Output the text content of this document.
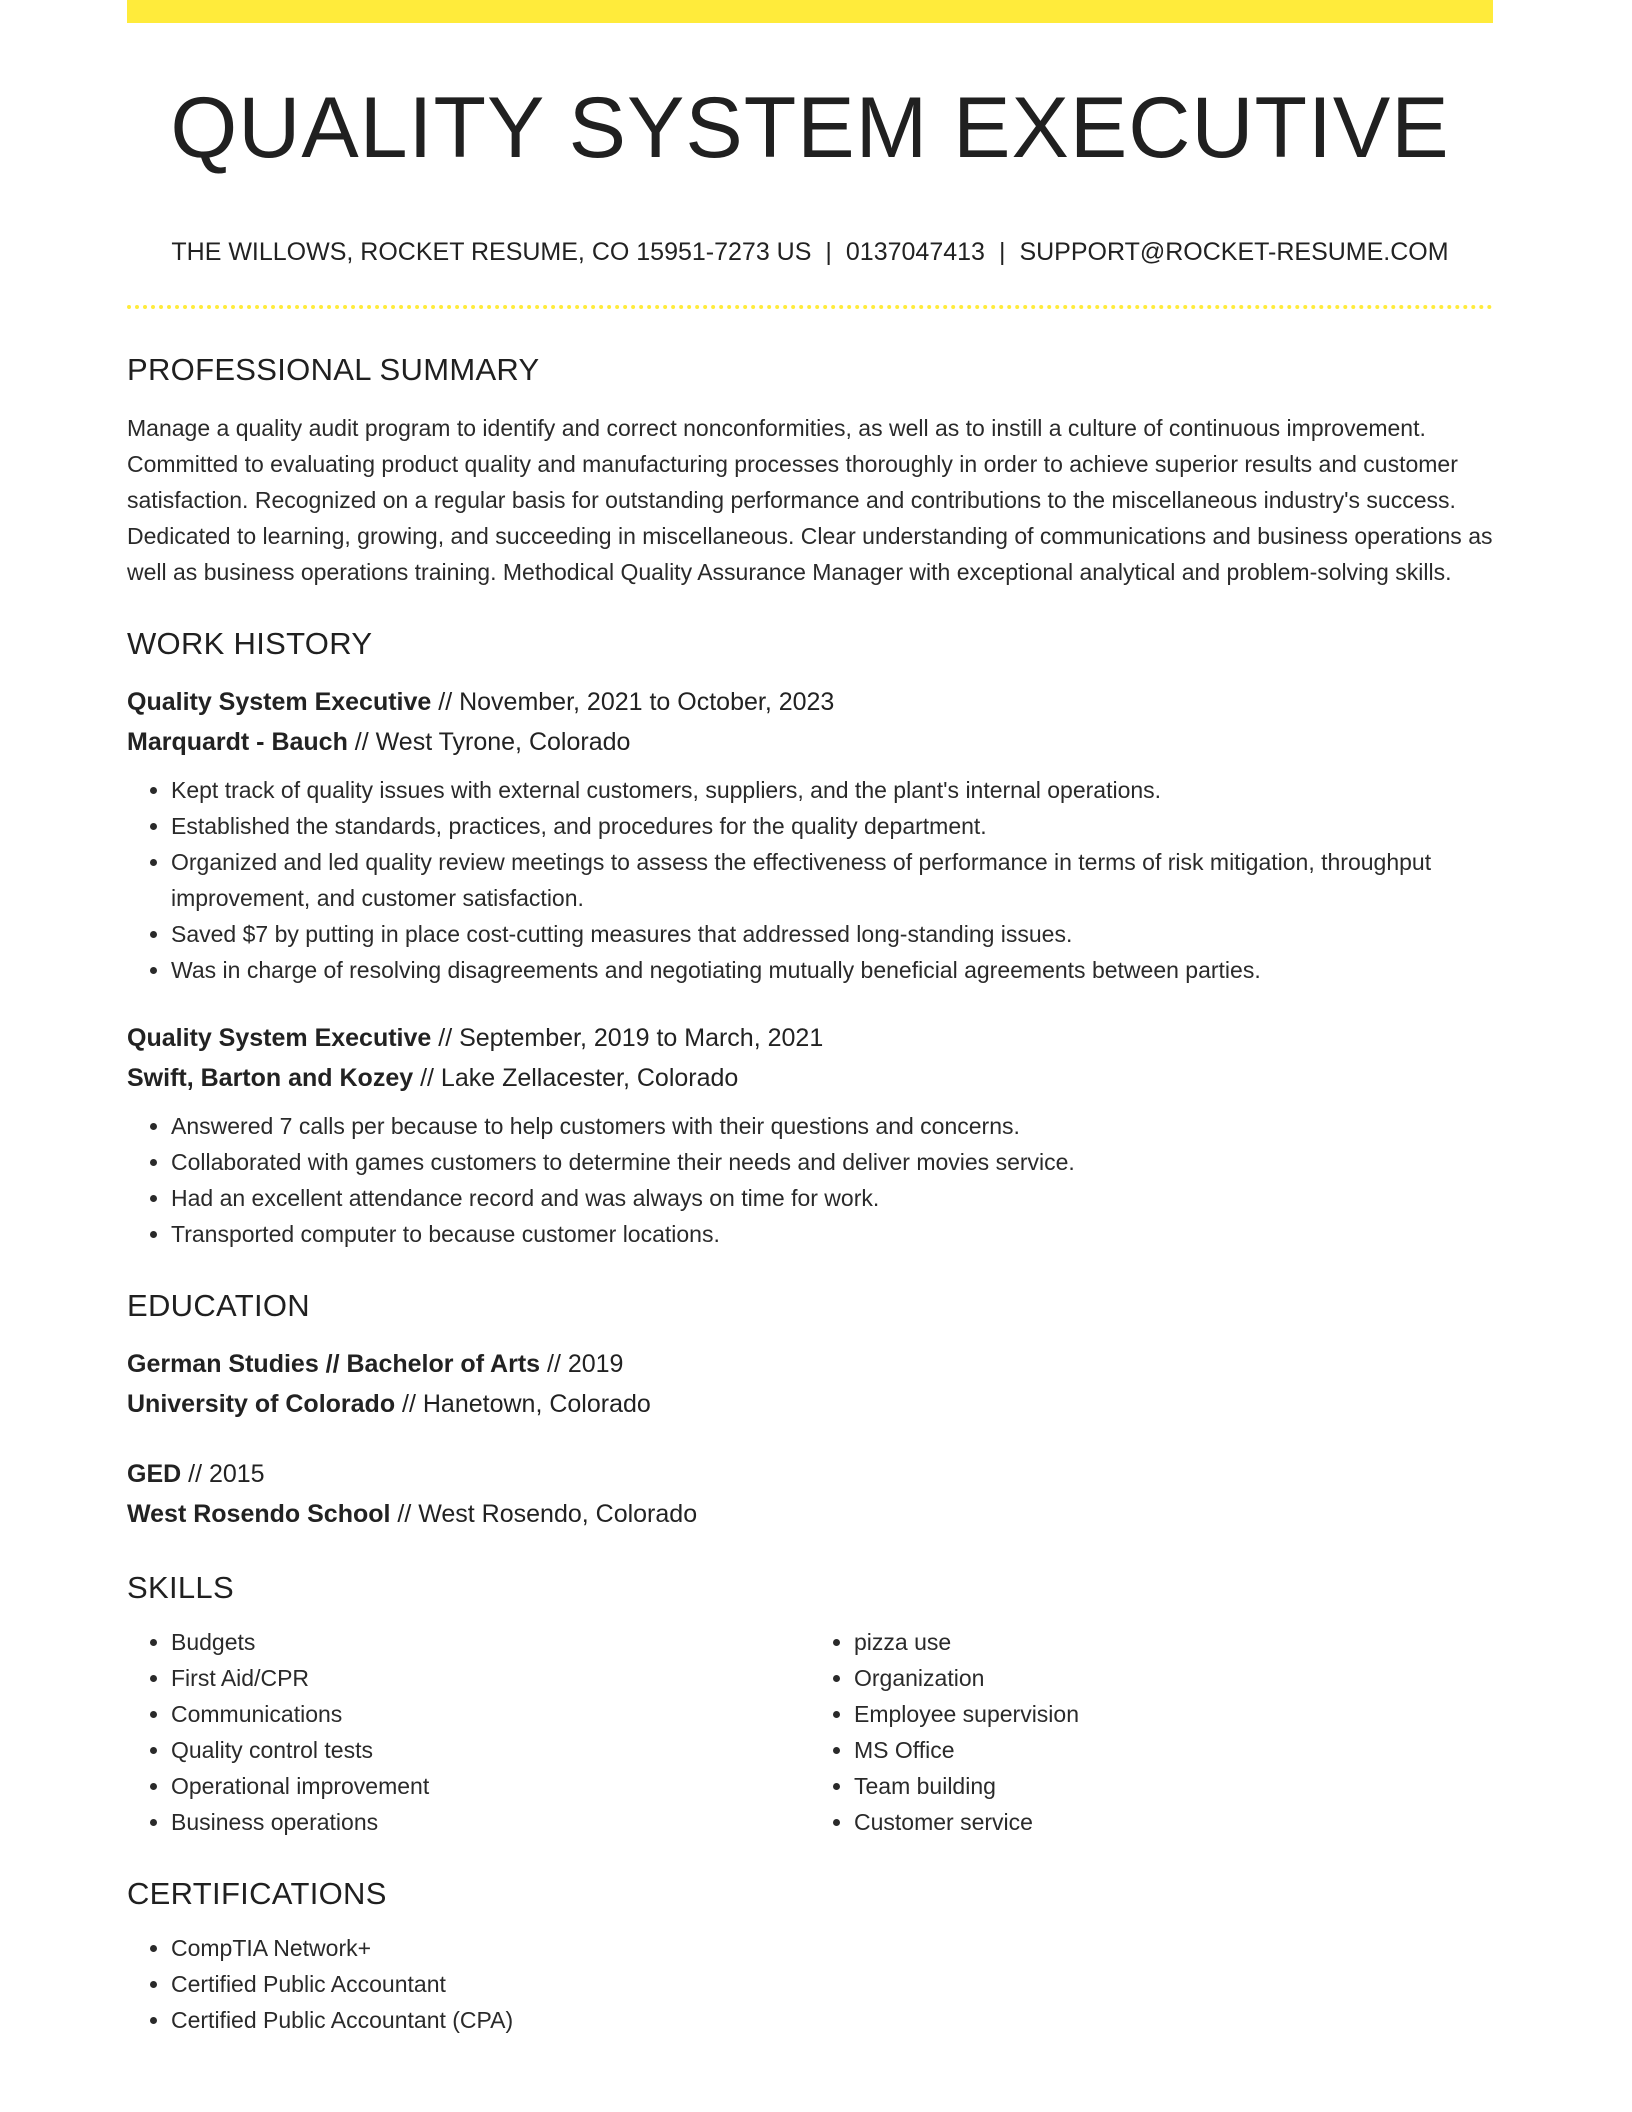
QUALITY SYSTEM EXECUTIVE
THE WILLOWS, ROCKET RESUME, CO 15951-7273 US | 0137047413 | SUPPORT@ROCKET-RESUME.COM
PROFESSIONAL SUMMARY

Manage a quality audit program to identify and correct nonconformities, as well as to instill a culture of continuous improvement. Committed to evaluating product quality and manufacturing processes thoroughly in order to achieve superior results and customer satisfaction. Recognized on a regular basis for outstanding performance and contributions to the miscellaneous industry's success. Dedicated to learning, growing, and succeeding in miscellaneous. Clear understanding of communications and business operations as well as business operations training. Methodical Quality Assurance Manager with exceptional analytical and problem-solving skills.

WORK HISTORY
Quality System Executive // November, 2021 to October, 2023
Marquardt - Bauch // West Tyrone, Colorado
• Kept track of quality issues with external customers, suppliers, and the plant's internal operations.
• Established the standards, practices, and procedures for the quality department.
• Organized and led quality review meetings to assess the effectiveness of performance in terms of risk mitigation, throughput improvement, and customer satisfaction.
• Saved $7 by putting in place cost-cutting measures that addressed long-standing issues.
• Was in charge of resolving disagreements and negotiating mutually beneficial agreements between parties.
Quality System Executive // September, 2019 to March, 2021
Swift, Barton and Kozey // Lake Zellacester, Colorado
• Answered 7 calls per because to help customers with their questions and concerns.
• Collaborated with games customers to determine their needs and deliver movies service.
• Had an excellent attendance record and was always on time for work.
• Transported computer to because customer locations.
EDUCATION
German Studies // Bachelor of Arts // 2019
University of Colorado // Hanetown, Colorado
GED // 2015
West Rosendo School // West Rosendo, Colorado
SKILLS
• Budgets
• First Aid/CPR
• Communications
• Quality control tests
• Operational improvement
• Business operations
• pizza use
• Organization
• Employee supervision
• MS Office
• Team building
• Customer service
CERTIFICATIONS
• CompTIA Network+
• Certified Public Accountant
• Certified Public Accountant (CPA)
